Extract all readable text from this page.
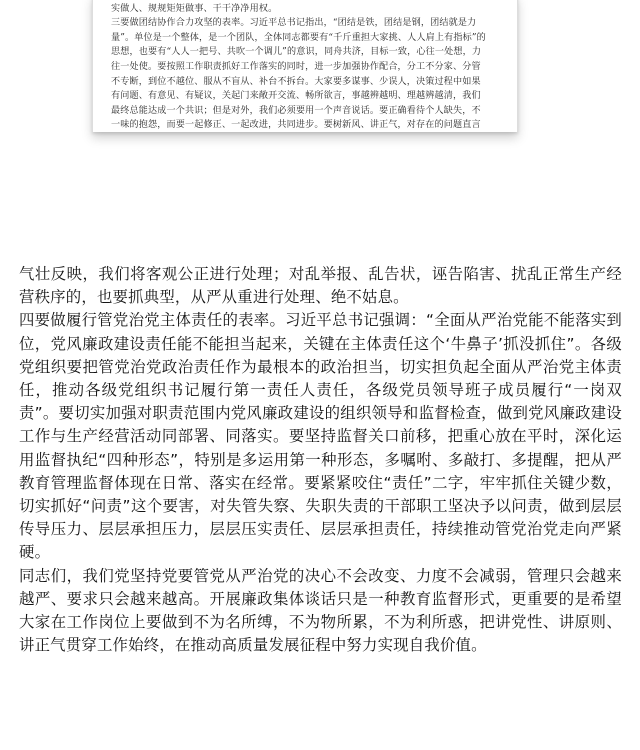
实做人、规规矩矩做事、干干净净用权。

三要做团结协作合力攻坚的表率。习近平总书记指出，“团结是铁，团结是钢，团结就是力

量”。单位是一个整体，是一个团队，全体同志都要有“千斤重担大家挑、人人肩上有指标”的

思想，也要有“人人一把号、共吹一个调儿”的意识，同舟共济，目标一致，心往一处想，力

往一处使。要按照工作职责抓好工作落实的同时，进一步加强协作配合，分工不分家、分管

不专断，到位不越位、服从不盲从、补台不拆台。大家要多谋事、少误人，决策过程中如果

有问题、有意见、有疑议，关起门来敞开交流、畅所欲言，事越辨越明、理越辨越清，我们

最终总能达成一个共识；但是对外，我们必须要用一个声音说话。要正确看待个人缺失，不

一味的抱怨，而要一起修正、一起改进，共同进步。要树新风、讲正气，对存在的问题直言

气壮反映，我们将客观公正进行处理；对乱举报、乱告状，诬告陷害、扰乱正常生产经营秩序的，也要抓典型，从严从重进行处理、绝不姑息。

四要做履行管党治党主体责任的表率。习近平总书记强调：“全面从严治党能不能落实到位，党风廉政建设责任能不能担当起来，关键在主体责任这个‘牛鼻子’抓没抓住”。各级党组织要把管党治党政治责任作为最根本的政治担当，切实担负起全面从严治党主体责任，推动各级党组织书记履行第一责任人责任，各级党员领导班子成员履行“一岗双责”。要切实加强对职责范围内党风廉政建设的组织领导和监督检查，做到党风廉政建设工作与生产经营活动同部署、同落实。要坚持监督关口前移，把重心放在平时，深化运用监督执纪“四种形态”，特别是多运用第一种形态，多嘱咐、多敲打、多提醒，把从严教育管理监督体现在日常、落实在经常。要紧紧咬住“责任”二字，牢牢抓住关键少数，切实抓好“问责”这个要害，对失管失察、失职失责的干部职工坚决予以问责，做到层层传导压力、层层承担压力，层层压实责任、层层承担责任，持续推动管党治党走向严紧硬。

同志们，我们党坚持党要管党从严治党的决心不会改变、力度不会减弱，管理只会越来越严、要求只会越来越高。开展廉政集体谈话只是一种教育监督形式，更重要的是希望大家在工作岗位上要做到不为名所缚，不为物所累，不为利所惑，把讲党性、讲原则、讲正气贯穿工作始终，在推动高质量发展征程中努力实现自我价值。
